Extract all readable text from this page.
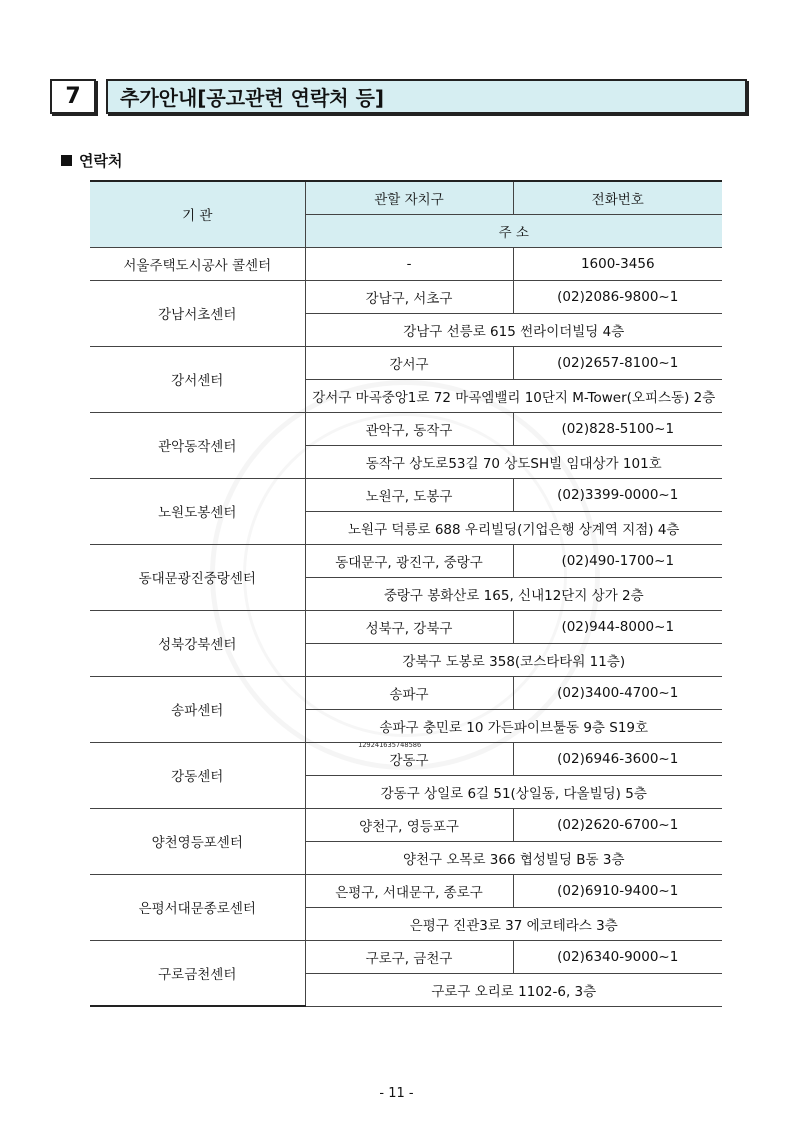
7	추가안내[공고관련 연락처 등]
연락처
기 관	관할 자치구	전화번호
	주 소	
서울주택도시공사 콜센터	-	1600-3456
강남서초센터	강남구, 서초구	(02)2086-9800~1
	강남구 선릉로 615 썬라이더빌딩 4층	
강서센터	강서구	(02)2657-8100~1
	강서구 마곡중앙1로 72 마곡엠밸리 10단지 M-Tower(오피스동) 2층	
관악동작센터	관악구, 동작구	(02)828-5100~1
	동작구 상도로53길 70 상도SH빌 임대상가 101호	
노원도봉센터	노원구, 도봉구	(02)3399-0000~1
	노원구 덕릉로 688 우리빌딩(기업은행 상계역 지점) 4층	
동대문광진중랑센터	동대문구, 광진구, 중랑구	(02)490-1700~1
	중랑구 봉화산로 165, 신내12단지 상가 2층	
성북강북센터	성북구, 강북구	(02)944-8000~1
	강북구 도봉로 358(코스타타워 11층)	
송파센터	송파구	(02)3400-4700~1
	송파구 충민로 10 가든파이브툴동 9층 S19호	
강동센터	강동구	(02)6946-3600~1
	강동구 상일로 6길 51(상일동, 다올빌딩) 5층	
양천영등포센터	양천구, 영등포구	(02)2620-6700~1
	양천구 오목로 366 협성빌딩 B동 3층	
은평서대문종로센터	은평구, 서대문구, 종로구	(02)6910-9400~1
	은평구 진관3로 37 에코테라스 3층	
구로금천센터	구로구, 금천구	(02)6340-9000~1
	구로구 오리로 1102-6, 3층	
129241635748586
- 11 -
